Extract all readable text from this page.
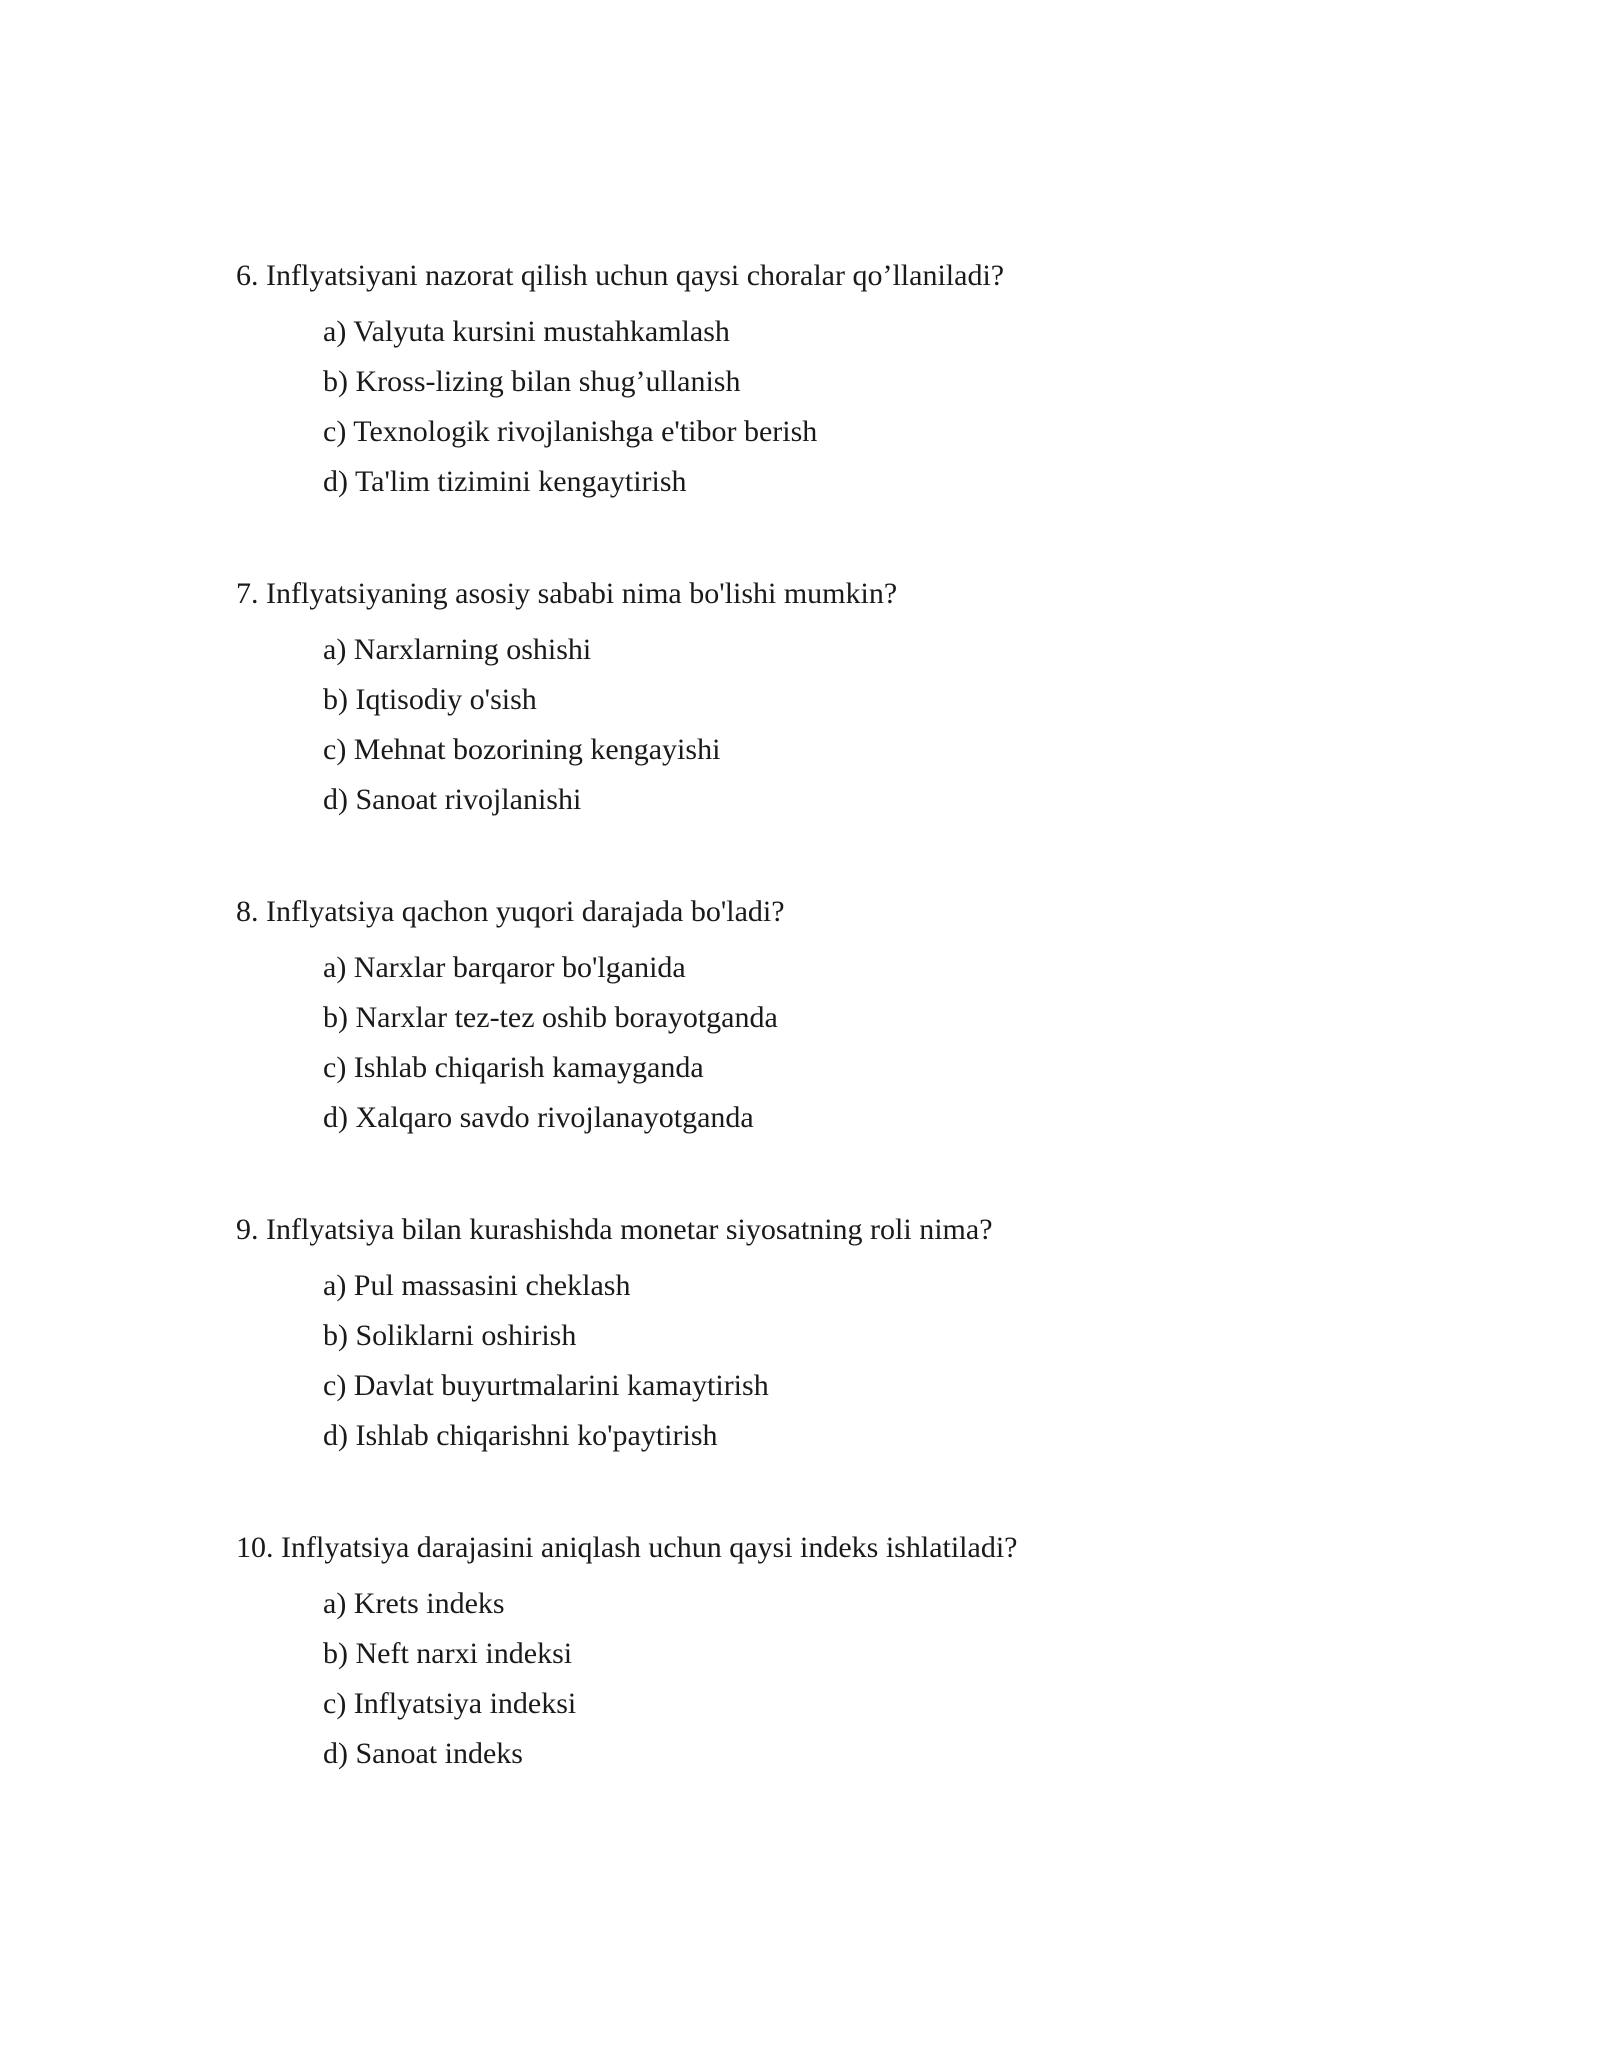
6. Inflyatsiyani nazorat qilish uchun qaysi choralar qo’llaniladi?

a) Valyuta kursini mustahkamlash
b) Kross-lizing bilan shug’ullanish
c) Texnologik rivojlanishga e'tibor berish
d) Ta'lim tizimini kengaytirish

7. Inflyatsiyaning asosiy sababi nima bo'lishi mumkin?

a) Narxlarning oshishi
b) Iqtisodiy o'sish
c) Mehnat bozorining kengayishi
d) Sanoat rivojlanishi

8. Inflyatsiya qachon yuqori darajada bo'ladi?

a) Narxlar barqaror bo'lganida
b) Narxlar tez-tez oshib borayotganda
c) Ishlab chiqarish kamayganda
d) Xalqaro savdo rivojlanayotganda

9. Inflyatsiya bilan kurashishda monetar siyosatning roli nima?

a) Pul massasini cheklash
b) Soliklarni oshirish
c) Davlat buyurtmalarini kamaytirish
d) Ishlab chiqarishni ko'paytirish

10. Inflyatsiya darajasini aniqlash uchun qaysi indeks ishlatiladi?

a) Krets indeks
b) Neft narxi indeksi
c) Inflyatsiya indeksi
d) Sanoat indeks
